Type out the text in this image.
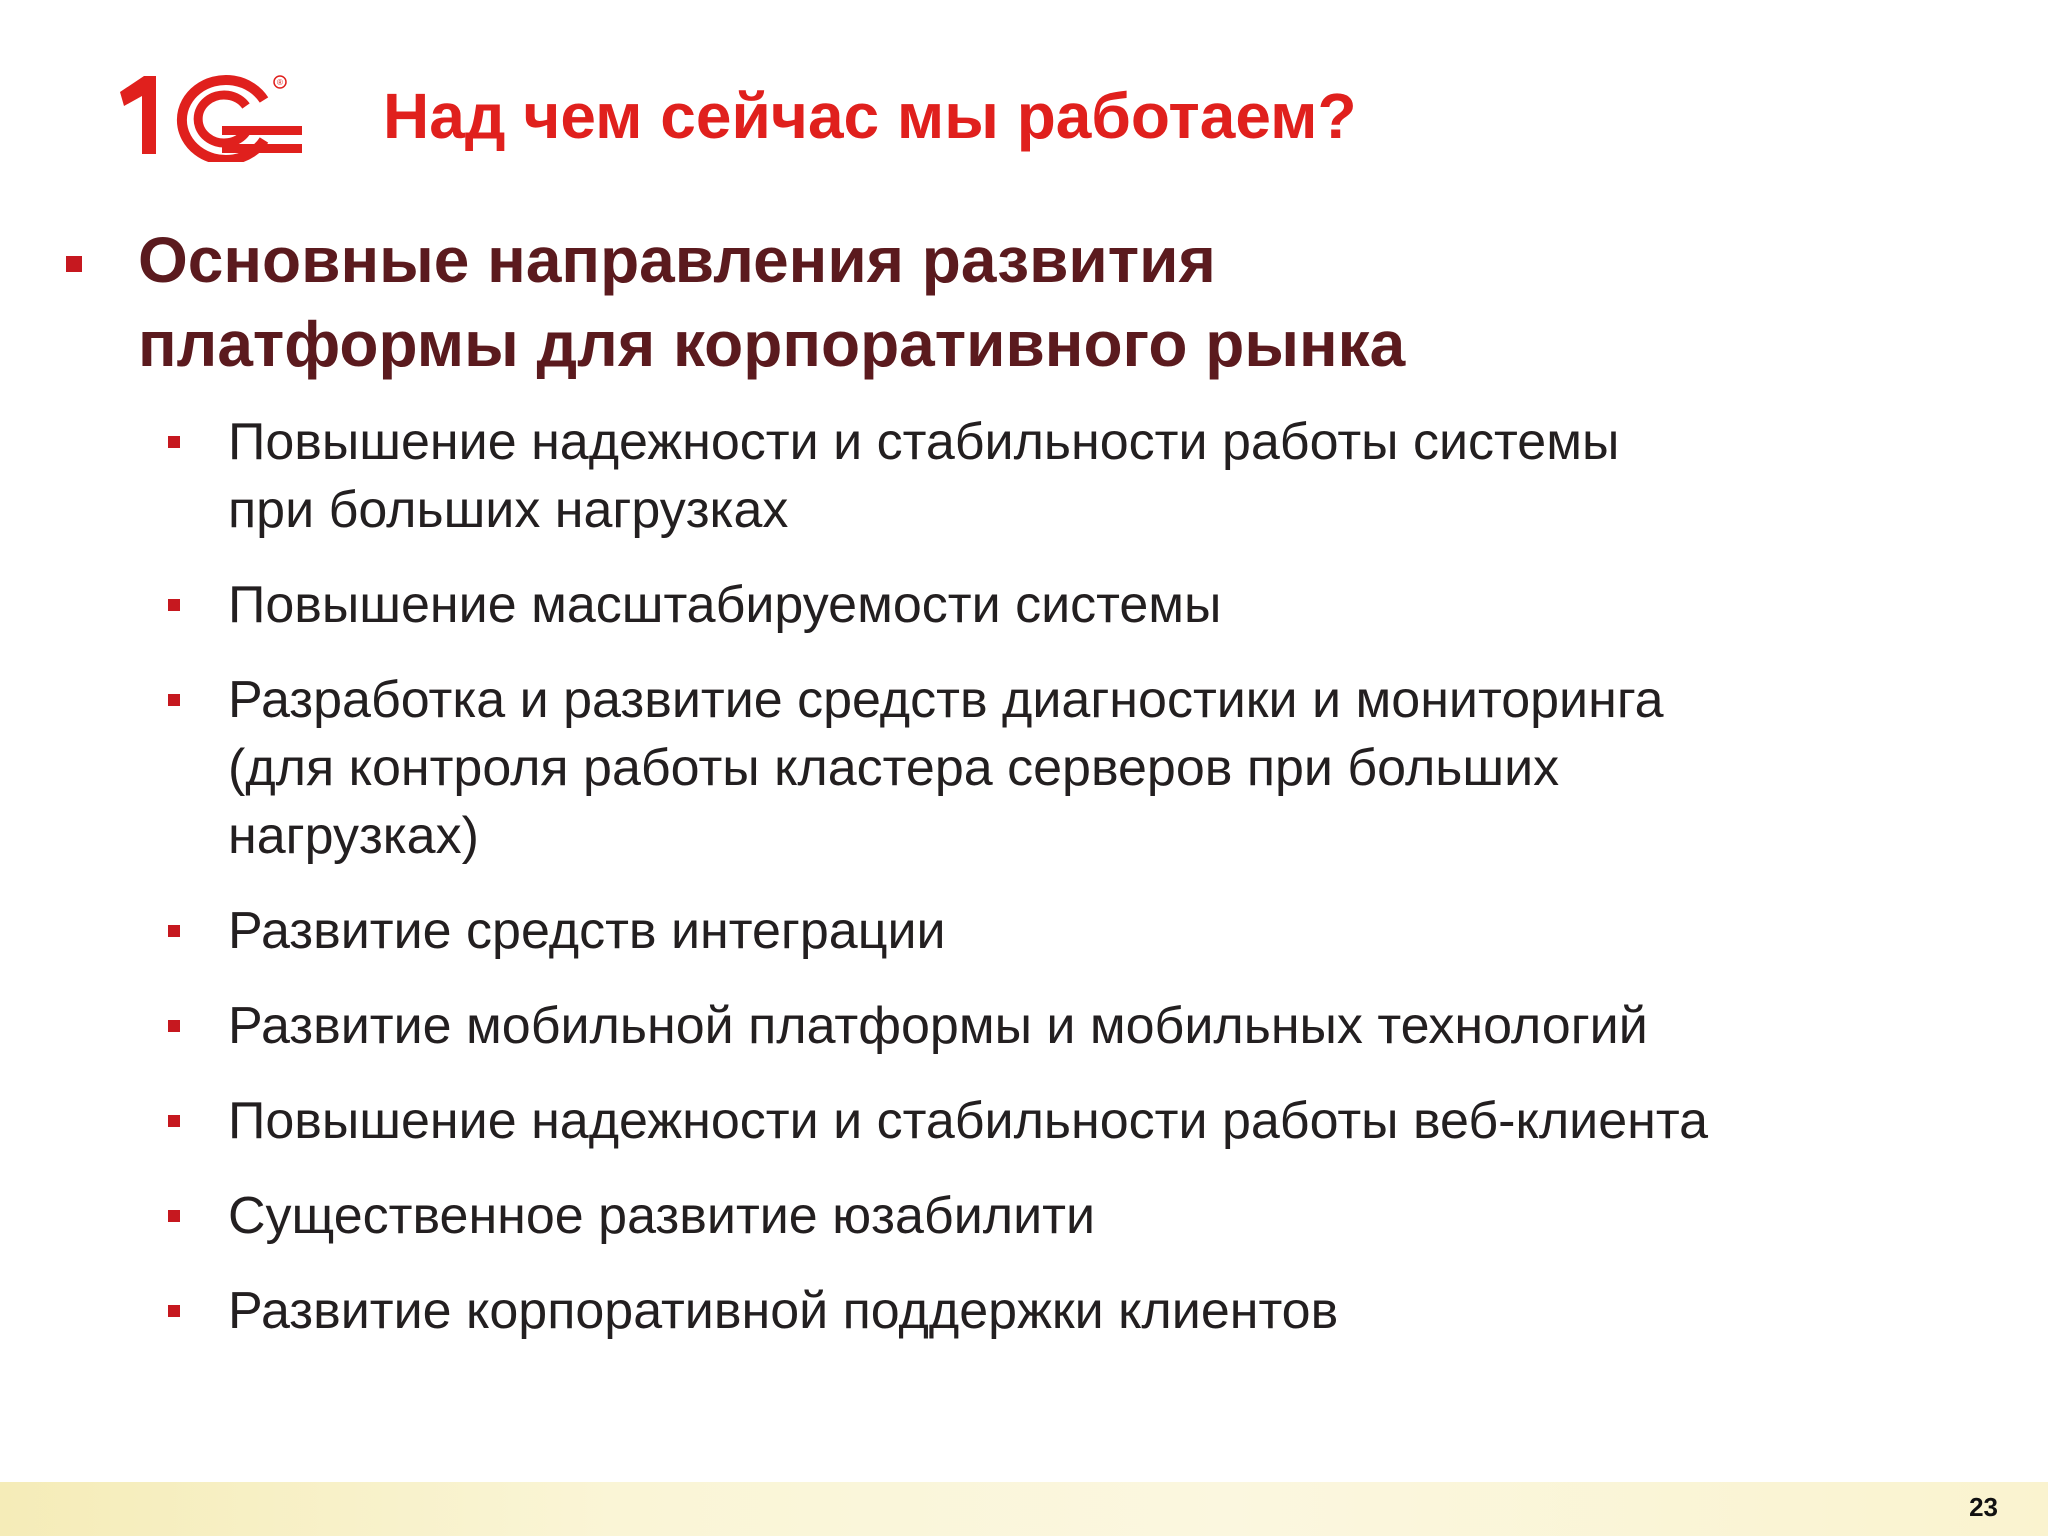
® Над чем сейчас мы работаем?
Основные направления развития
платформы для корпоративного рынка
Повышение надежности и стабильности работы системы
при больших нагрузках
Повышение масштабируемости системы
Разработка и развитие средств диагностики и мониторинга
(для контроля работы кластера серверов при больших
нагрузках)
Развитие средств интеграции
Развитие мобильной платформы и мобильных технологий
Повышение надежности и стабильности работы веб-клиента
Существенное развитие юзабилити
Развитие корпоративной поддержки клиентов
23
